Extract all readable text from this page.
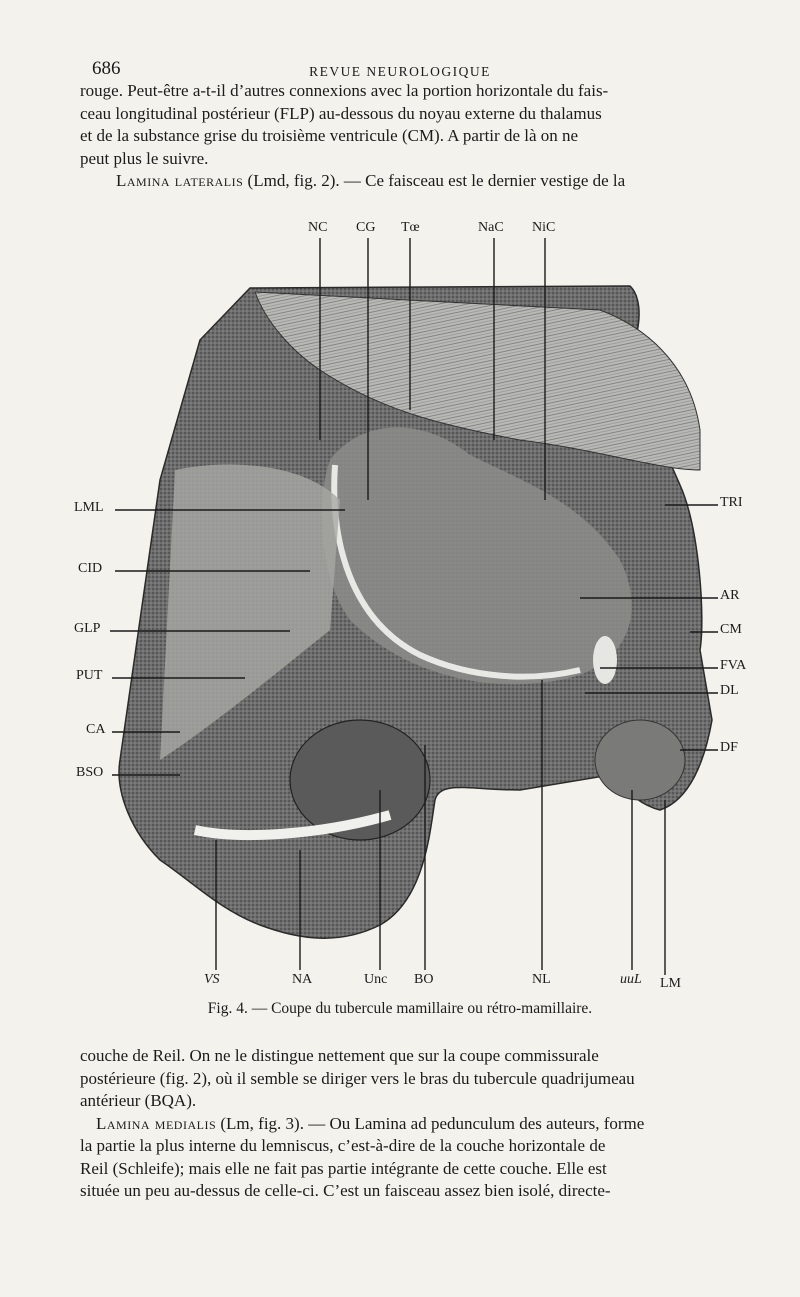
686	REVUE NEUROLOGIQUE

rouge. Peut-être a-t-il d’autres connexions avec la portion horizontale du fais-
ceau longitudinal postérieur (FLP) au-dessous du noyau externe du thalamus
et de la substance grise du troisième ventricule (CM). A partir de là on ne
peut plus le suivre.
Lamina lateralis (Lmd, fig. 2). — Ce faisceau est le dernier vestige de la

NC CG Tœ	NaC NiC
LML
CID
GLP
PUT
CA
BSO
TRI
AR
CM
FVA
DL
DF
VS	NA	Unc BO	NL	uuL LM
Fig. 4. — Coupe du tubercule mamillaire ou rétro-mamillaire.

couche de Reil. On ne le distingue nettement que sur la coupe commissurale
postérieure (fig. 2), où il semble se diriger vers le bras du tubercule quadrijumeau
antérieur (BQA).
Lamina medialis (Lm, fig. 3). — Ou Lamina ad pedunculum des auteurs, forme
la partie la plus interne du lemniscus, c’est-à-dire de la couche horizontale de
Reil (Schleife); mais elle ne fait pas partie intégrante de cette couche. Elle est
située un peu au-dessus de celle-ci. C’est un faisceau assez bien isolé, directe-
